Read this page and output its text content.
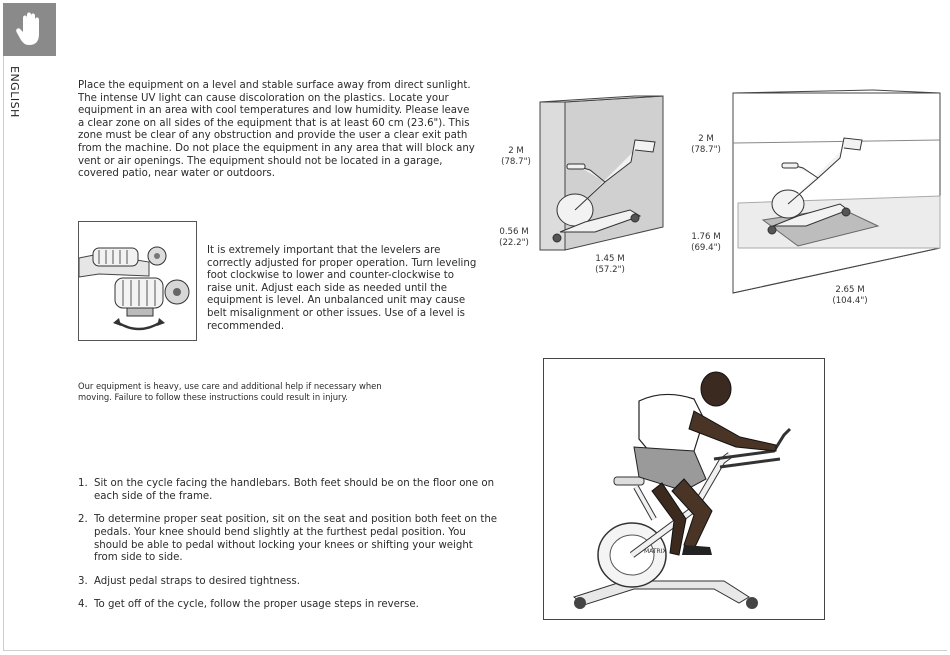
ENGLISH	Place the equipment on a level and stable surface away from direct sunlight. The intense UV light can cause discoloration on the plastics. Locate your equipment in an area with cool temperatures and low humidity. Please leave a clear zone on all sides of the equipment that is at least 60 cm (23.6"). This zone must be clear of any obstruction and provide the user a clear exit path from the machine. Do not place the equipment in any area that will block any vent or air openings. The equipment should not be located in a garage, covered patio, near water or outdoors.

It is extremely important that the levelers are correctly adjusted for proper operation. Turn leveling foot clockwise to lower and counter-clockwise to raise unit. Adjust each side as needed until the equipment is level. An unbalanced unit may cause belt misalignment or other issues. Use of a level is recommended.

Our equipment is heavy, use care and additional help if necessary when moving. Failure to follow these instructions could result in injury.

2 M
(78.7")
0.56 M
(22.2")
1.45 M
(57.2")
2 M
(78.7")
1.76 M
(69.4")
2.65 M
(104.4")
1. Sit on the cycle facing the handlebars. Both feet should be on the floor one on each side of the frame.
2. To determine proper seat position, sit on the seat and position both feet on the pedals. Your knee should bend slightly at the furthest pedal position. You should be able to pedal without locking your knees or shifting your weight from side to side.
3. Adjust pedal straps to desired tightness.
4. To get off of the cycle, follow the proper usage steps in reverse.
MATRIX
